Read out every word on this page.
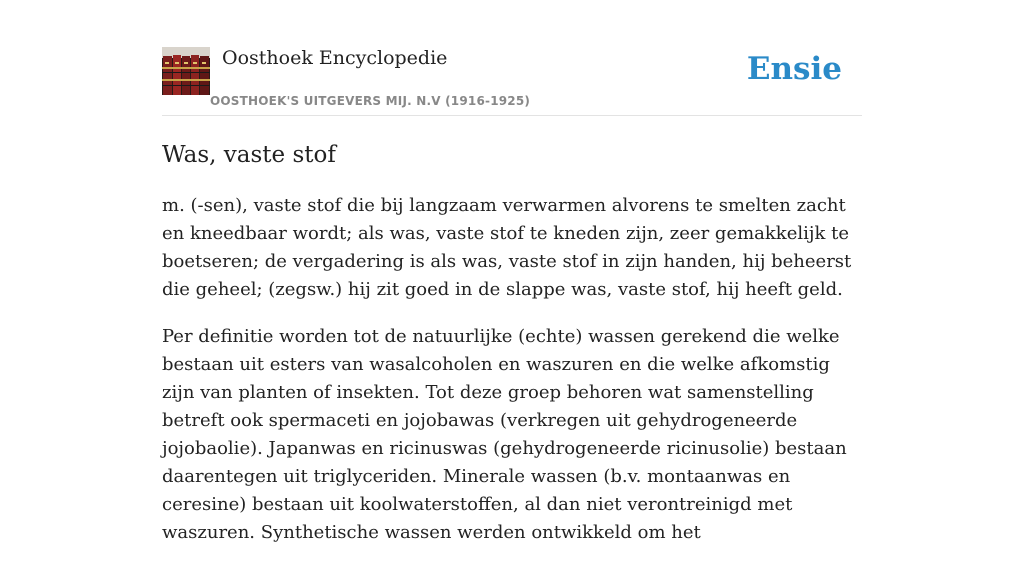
Oosthoek Encyclopedie
OOSTHOEK'S UITGEVERS MIJ. N.V (1916-1925)
Ensie
Was, vaste stof

m. (-sen), vaste stof die bij langzaam verwarmen alvorens te smelten zacht en kneedbaar wordt; als was, vaste stof te kneden zijn, zeer gemakkelijk te boetseren; de vergadering is als was, vaste stof in zijn handen, hij beheerst die geheel; (zegsw.) hij zit goed in de slappe was, vaste stof, hij heeft geld.

Per definitie worden tot de natuurlijke (echte) wassen gerekend die welke bestaan uit esters van wasalcoholen en waszuren en die welke afkomstig zijn van planten of insekten. Tot deze groep behoren wat samenstelling betreft ook spermaceti en jojobawas (verkregen uit gehydrogeneerde jojobaolie). Japanwas en ricinuswas (gehydrogeneerde ricinusolie) bestaan daarentegen uit triglyceriden. Minerale wassen (b.v. montaanwas en ceresine) bestaan uit koolwaterstoffen, al dan niet verontreinigd met waszuren. Synthetische wassen werden ontwikkeld om het
